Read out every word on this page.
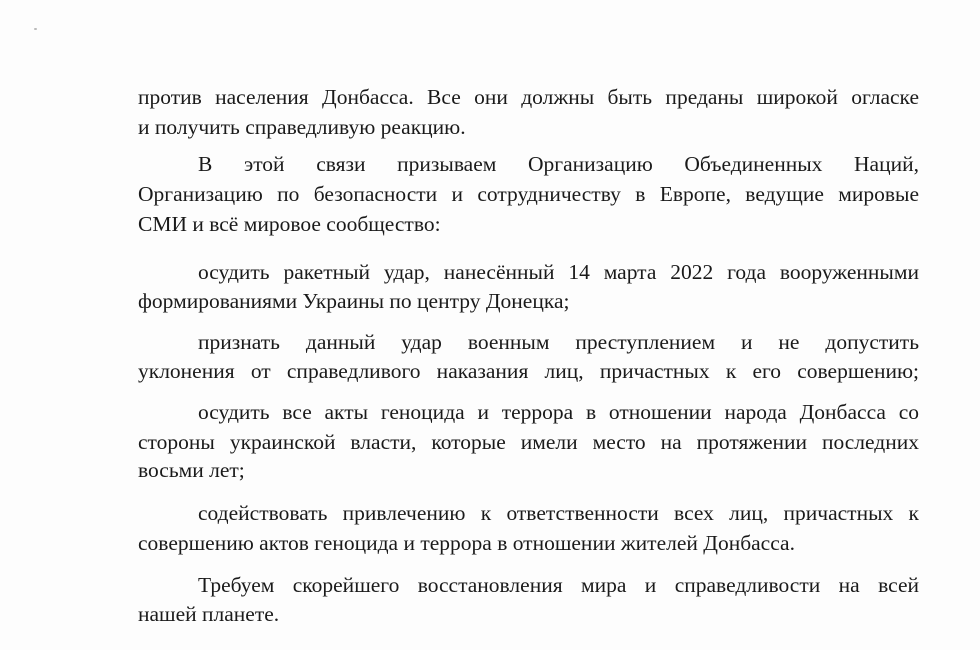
против населения Донбасса. Все они должны быть преданы широкой огласке
и получить справедливую реакцию.
В этой связи призываем Организацию Объединенных Наций,
Организацию по безопасности и сотрудничеству в Европе, ведущие мировые
СМИ и всё мировое сообщество:
осудить ракетный удар, нанесённый 14 марта 2022 года вооруженными
формированиями Украины по центру Донецка;
признать данный удар военным преступлением и не допустить
уклонения от справедливого наказания лиц, причастных к его совершению;
осудить все акты геноцида и террора в отношении народа Донбасса со
стороны украинской власти, которые имели место на протяжении последних
восьми лет;
содействовать привлечению к ответственности всех лиц, причастных к
совершению актов геноцида и террора в отношении жителей Донбасса.
Требуем скорейшего восстановления мира и справедливости на всей
нашей планете.
